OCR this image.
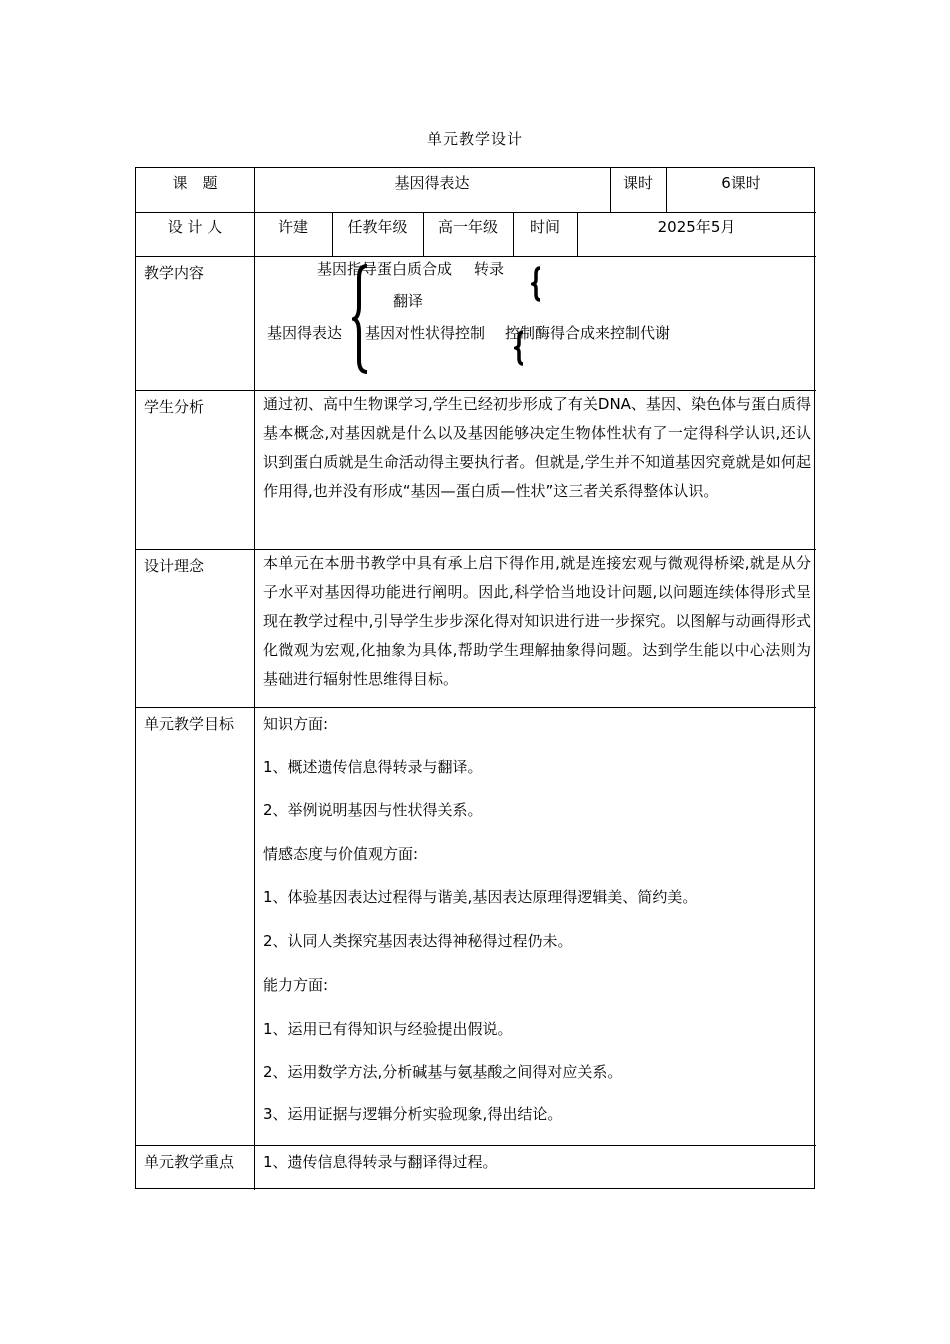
单元教学设计
课　题	基因得表达	课时	6课时
设 计 人	许建	任教年级	高一年级	时间	2025年5月
教学内容	基因指导蛋白质合成 转录
翻译
基因得表达 基因对性状得控制 控制酶得合成来控制代谢
学生分析	通过初、高中生物课学习,学生已经初步形成了有关DNA、基因、染色体与蛋白质得基本概念,对基因就是什么以及基因能够决定生物体性状有了一定得科学认识,还认识到蛋白质就是生命活动得主要执行者。但就是,学生并不知道基因究竟就是如何起作用得,也并没有形成“基因—蛋白质—性状”这三者关系得整体认识。
设计理念	本单元在本册书教学中具有承上启下得作用,就是连接宏观与微观得桥梁,就是从分子水平对基因得功能进行阐明。因此,科学恰当地设计问题,以问题连续体得形式呈现在教学过程中,引导学生步步深化得对知识进行进一步探究。以图解与动画得形式化微观为宏观,化抽象为具体,帮助学生理解抽象得问题。达到学生能以中心法则为基础进行辐射性思维得目标。
单元教学目标 知识方面:
1、概述遗传信息得转录与翻译。
2、举例说明基因与性状得关系。
情感态度与价值观方面:
1、体验基因表达过程得与谐美,基因表达原理得逻辑美、简约美。
2、认同人类探究基因表达得神秘得过程仍未。
能力方面:
1、运用已有得知识与经验提出假说。
2、运用数学方法,分析碱基与氨基酸之间得对应关系。
3、运用证据与逻辑分析实验现象,得出结论。
单元教学重点 1、遗传信息得转录与翻译得过程。
